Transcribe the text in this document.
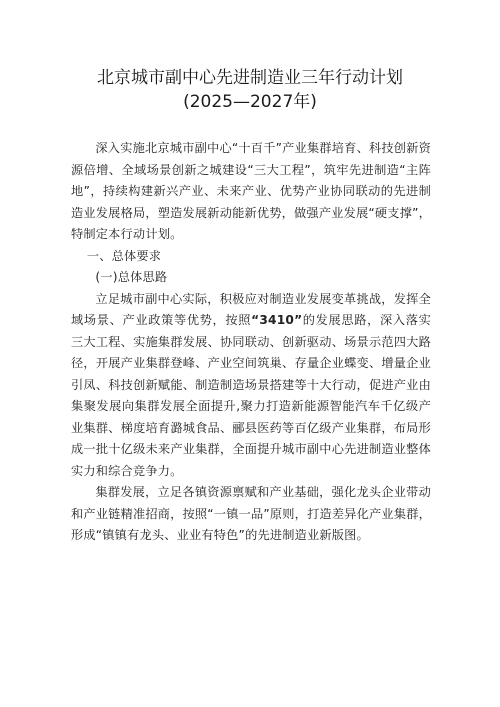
北京城市副中心先进制造业三年行动计划
(2025—2027年)

深入实施北京城市副中心“十百千”产业集群培育、科技创新资源倍增、全域场景创新之城建设“三大工程”，筑牢先进制造“主阵地”，持续构建新兴产业、未来产业、优势产业协同联动的先进制造业发展格局，塑造发展新动能新优势，做强产业发展“硬支撑”，特制定本行动计划。

一、总体要求

(一)总体思路

立足城市副中心实际，积极应对制造业发展变革挑战，发挥全域场景、产业政策等优势，按照“3410”的发展思路，深入落实三大工程、实施集群发展、协同联动、创新驱动、场景示范四大路径，开展产业集群登峰、产业空间筑巢、存量企业蝶变、增量企业引凤、科技创新赋能、制造制造场景搭建等十大行动，促进产业由集聚发展向集群发展全面提升,聚力打造新能源智能汽车千亿级产业集群、梯度培育潞城食品、郦县医药等百亿级产业集群，布局形成一批十亿级未来产业集群，全面提升城市副中心先进制造业整体实力和综合竞争力。

集群发展，立足各镇资源禀赋和产业基础，强化龙头企业带动和产业链精准招商，按照“一镇一品”原则，打造差异化产业集群，形成“镇镇有龙头、业业有特色”的先进制造业新版图。
